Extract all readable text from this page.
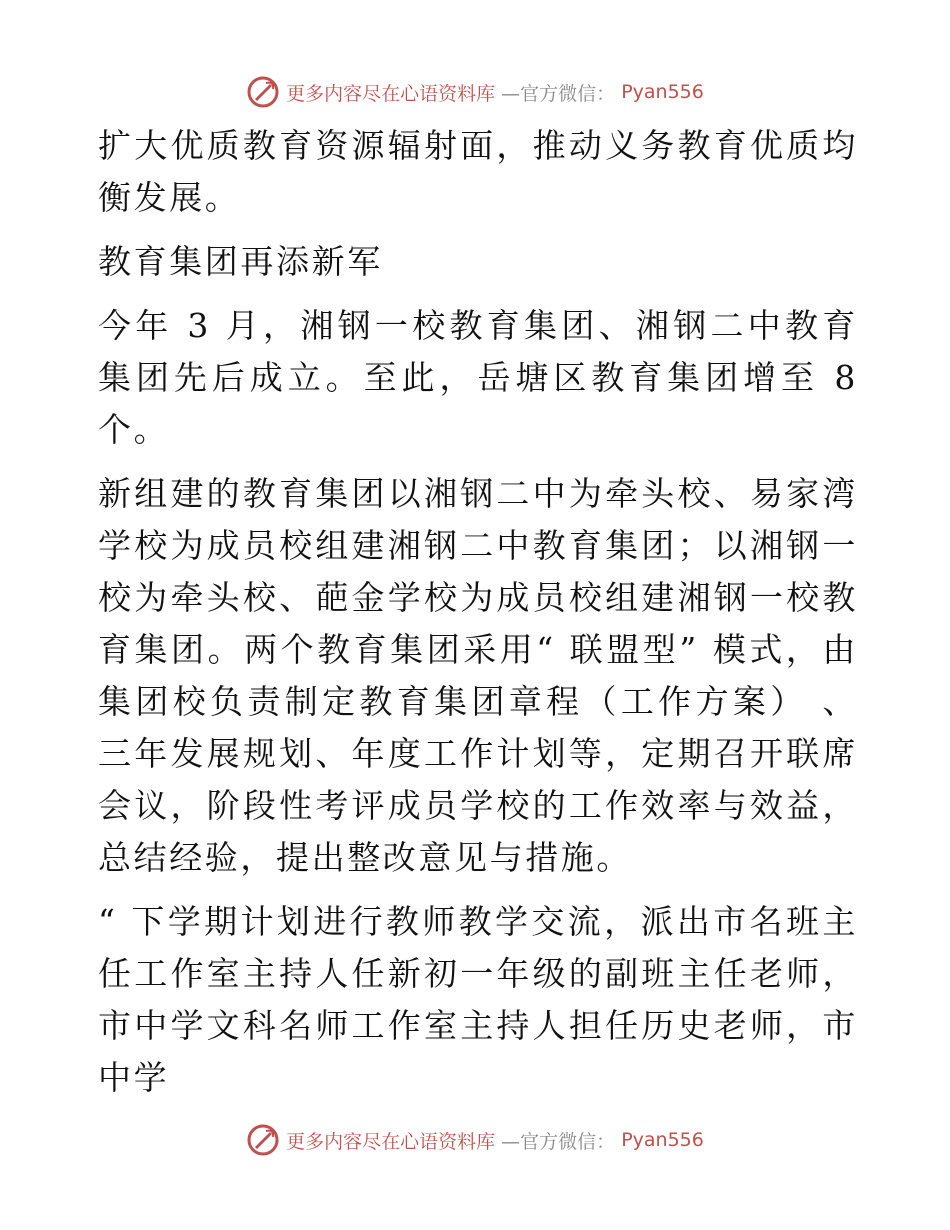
更多内容尽在心语资料库 —官方微信： Pyan556

扩大优质教育资源辐射面，推动义务教育优质均衡发展。

教育集团再添新军

今年 3 月，湘钢一校教育集团、湘钢二中教育集团先后成立。至此，岳塘区教育集团增至 8 个。

新组建的教育集团以湘钢二中为牵头校、易家湾学校为成员校组建湘钢二中教育集团；以湘钢一校为牵头校、葩金学校为成员校组建湘钢一校教育集团。两个教育集团采用“ 联盟型” 模式，由集团校负责制定教育集团章程（工作方案） 、三年发展规划、年度工作计划等，定期召开联席会议，阶段性考评成员学校的工作效率与效益，总结经验，提出整改意见与措施。

“ 下学期计划进行教师教学交流，派出市名班主任工作室主持人任新初一年级的副班主任老师，市中学文科名师工作室主持人担任历史老师，市中学

更多内容尽在心语资料库 —官方微信： Pyan556
